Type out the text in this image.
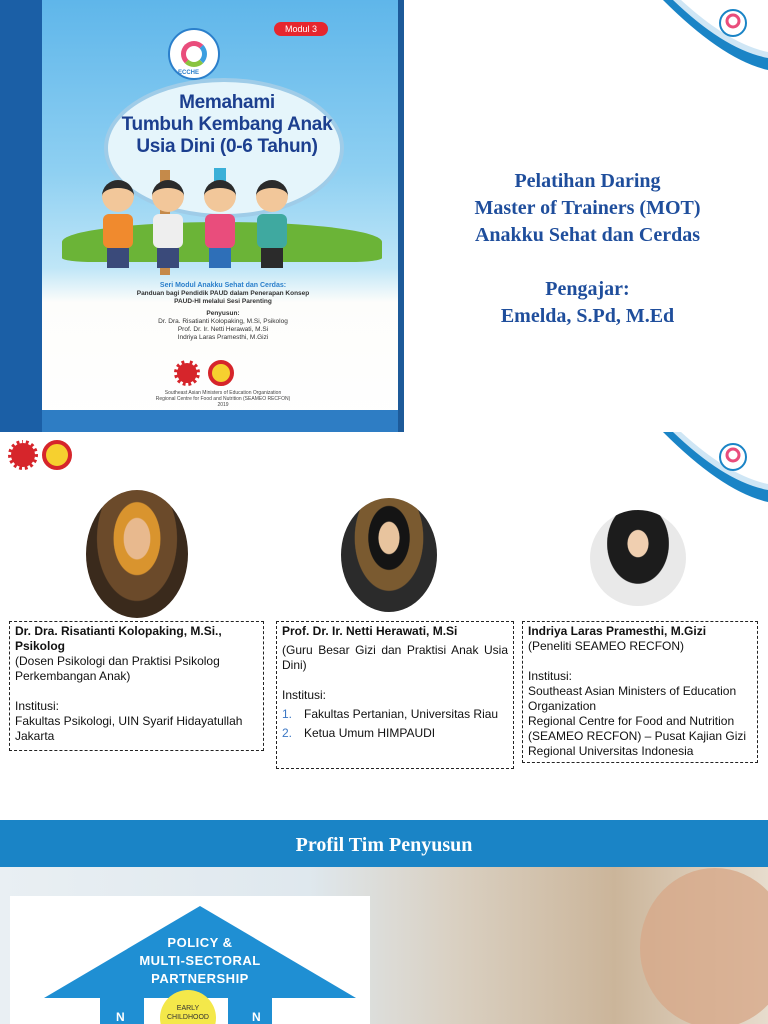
Modul 3
ECCHE
Memahami
Tumbuh Kembang Anak
Usia Dini (0-6 Tahun)
Seri Modul Anakku Sehat dan Cerdas:
Panduan bagi Pendidik PAUD dalam Penerapan Konsep PAUD-HI melalui Sesi Parenting
Penyusun:
Dr. Dra. Risatianti Kolopaking, M.Si, Psikolog
Prof. Dr. Ir. Netti Herawati, M.Si
Indriya Laras Pramesthi, M.Gizi
Southeast Asian Ministers of Education Organization
Regional Centre for Food and Nutrition (SEAMEO RECFON)
2019
Pelatihan Daring
Master of Trainers (MOT)
Anakku Sehat dan Cerdas
Pengajar:
Emelda, S.Pd, M.Ed
Dr. Dra. Risatianti Kolopaking, M.Si.,
Psikolog
(Dosen Psikologi dan Praktisi Psikolog Perkembangan Anak)
Institusi:
Fakultas Psikologi, UIN Syarif Hidayatullah Jakarta
Prof. Dr. Ir. Netti Herawati, M.Si
(Guru Besar Gizi dan Praktisi Anak Usia Dini)
Institusi:
1. Fakultas Pertanian, Universitas Riau
2. Ketua Umum HIMPAUDI
Indriya Laras Pramesthi, M.Gizi
(Peneliti SEAMEO RECFON)
Institusi:
Southeast Asian Ministers of Education Organization
Regional Centre for Food and Nutrition (SEAMEO RECFON) – Pusat Kajian Gizi Regional Universitas Indonesia
Profil Tim Penyusun
POLICY &
MULTI-SECTORAL
PARTNERSHIP
N	N
EARLY CHILDHOOD
